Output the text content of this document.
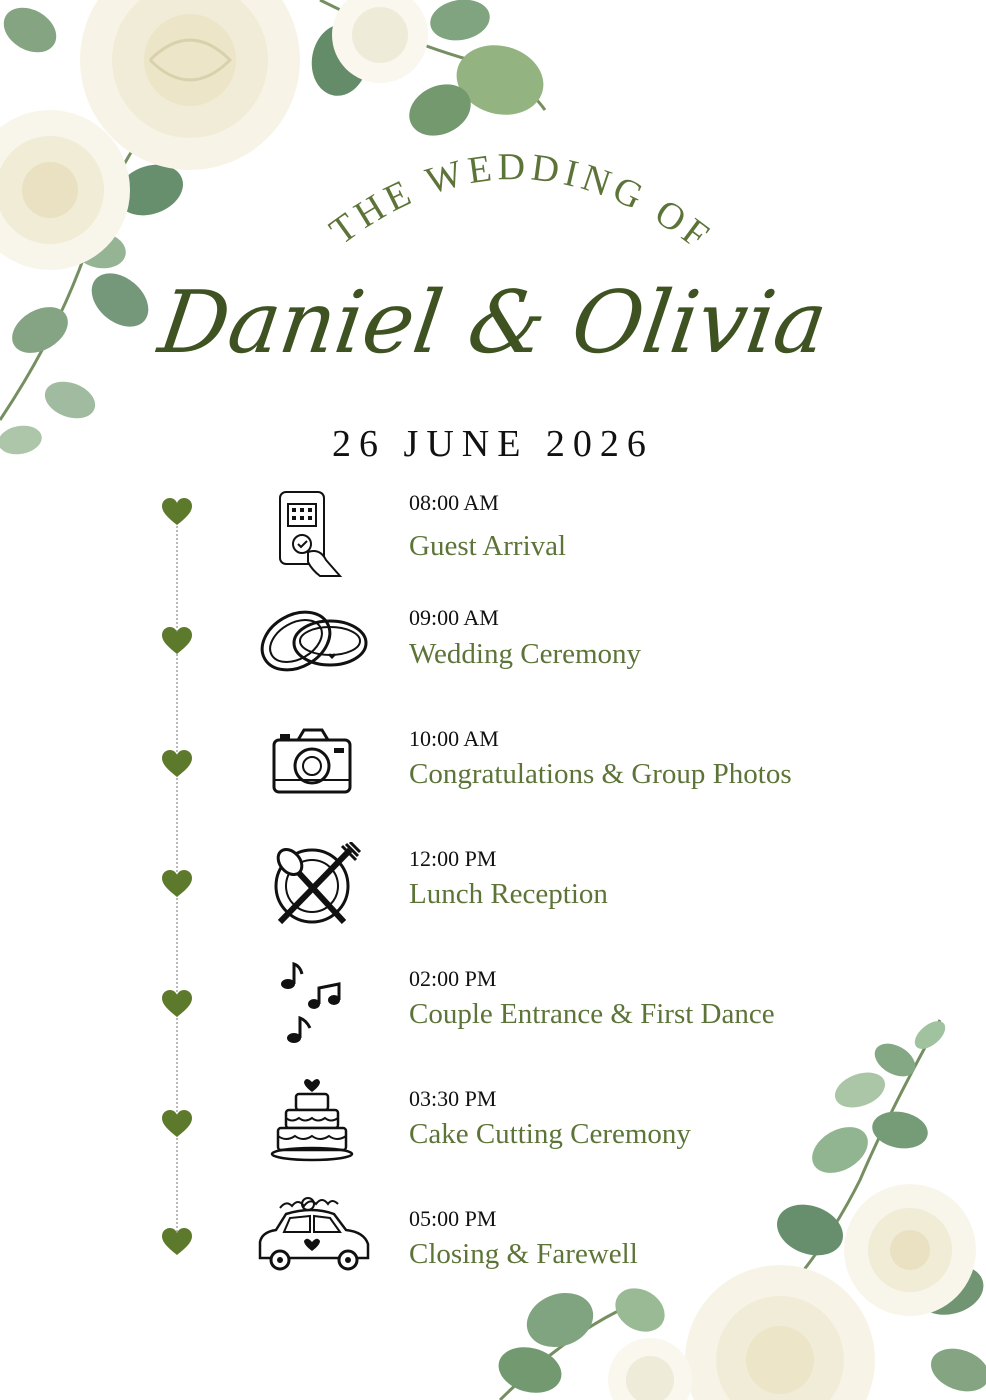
THE WEDDING OF
Daniel & Olivia
26 JUNE 2026
08:00 AM
Guest Arrival
09:00 AM
Wedding Ceremony
10:00 AM
Congratulations & Group Photos
12:00 PM
Lunch Reception
02:00 PM
Couple Entrance & First Dance
03:30 PM
Cake Cutting Ceremony
05:00 PM
Closing & Farewell
